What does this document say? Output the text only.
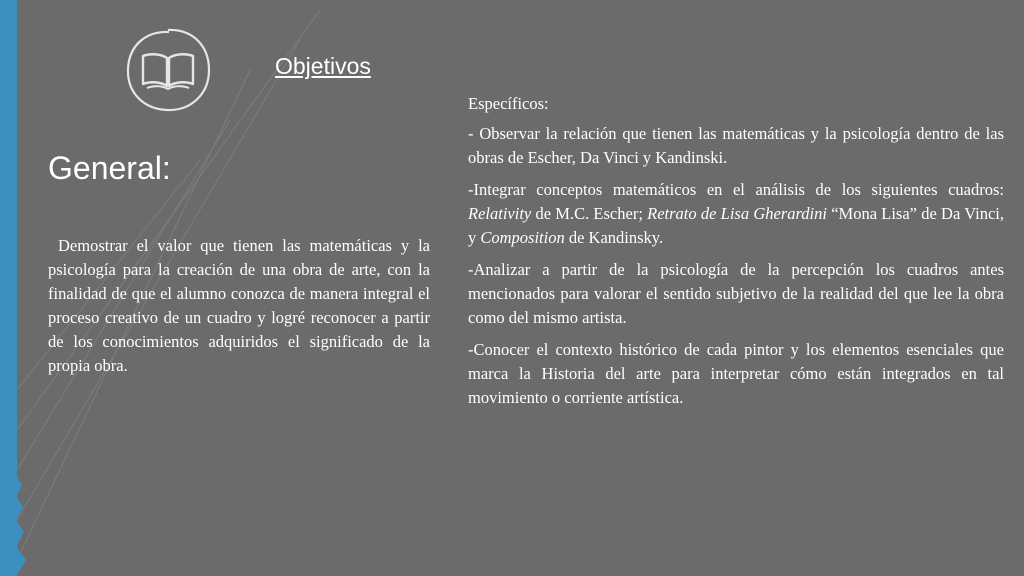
Objetivos
General:

Demostrar el valor que tienen las matemáticas y la psicología para la creación de una obra de arte, con la finalidad de que el alumno conozca de manera integral el proceso creativo de un cuadro y logré reconocer a partir de los conocimientos adquiridos el significado de la propia obra.

Específicos:

- Observar la relación que tienen las matemáticas y la psicología dentro de las obras de Escher, Da Vinci y Kandinski.

-Integrar conceptos matemáticos en el análisis de los siguientes cuadros: Relativity de M.C. Escher; Retrato de Lisa Gherardini “Mona Lisa” de Da Vinci, y Composition de Kandinsky.

-Analizar a partir de la psicología de la percepción los cuadros antes mencionados para valorar el sentido subjetivo de la realidad del que lee la obra como del mismo artista.

-Conocer el contexto histórico de cada pintor y los elementos esenciales que marca la Historia del arte para interpretar cómo están integrados en tal movimiento o corriente artística.
